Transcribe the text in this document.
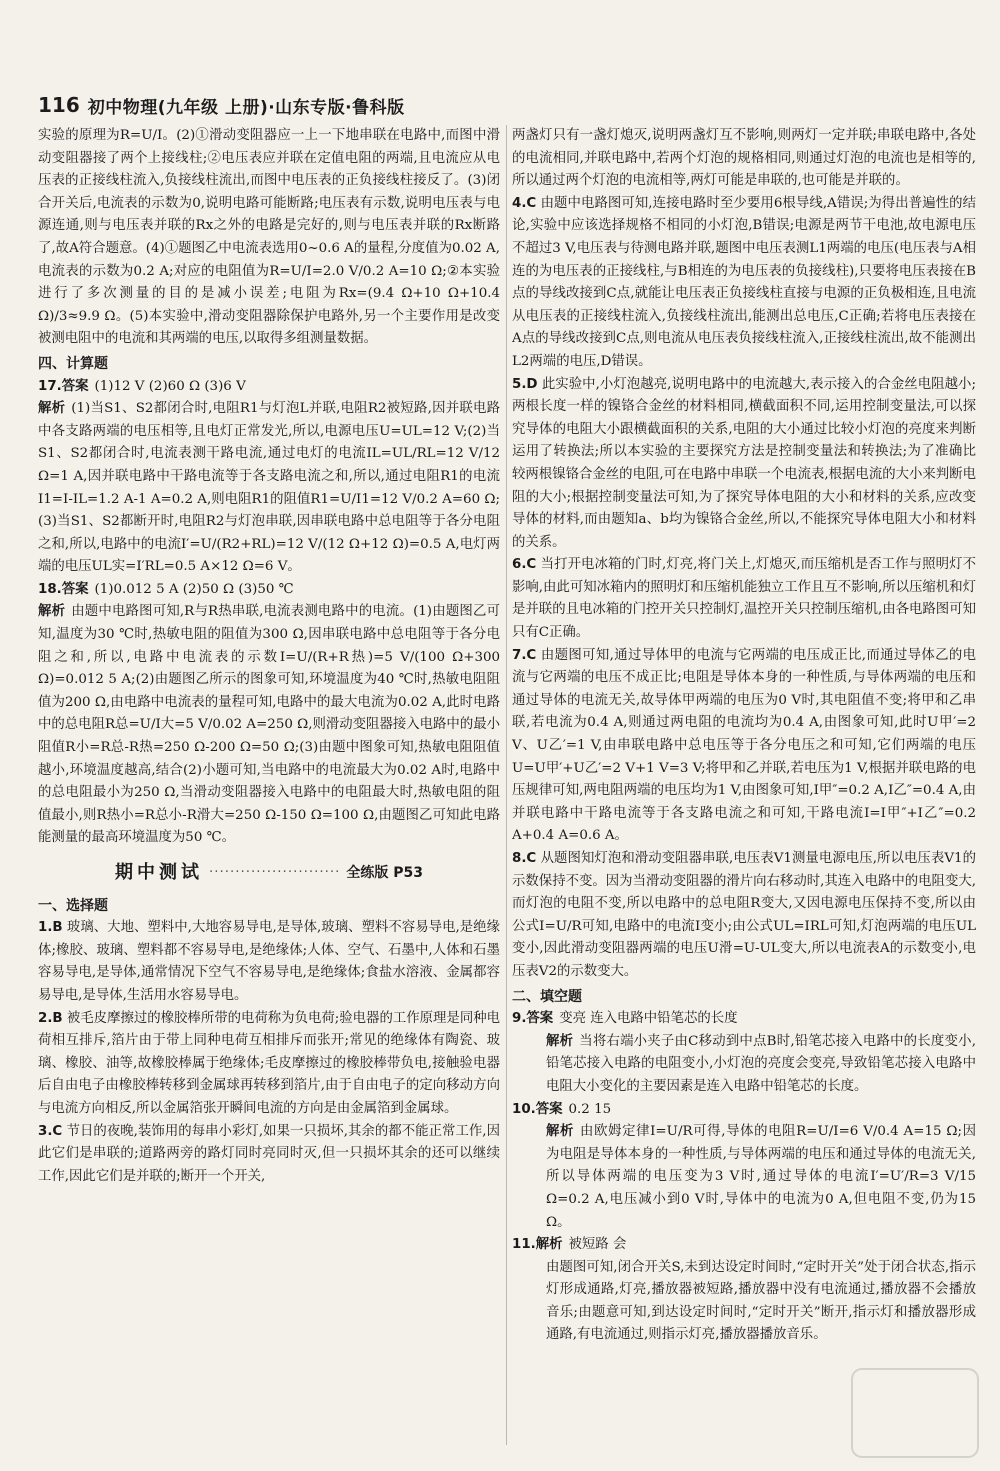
116 初中物理(九年级 上册)·山东专版·鲁科版

实验的原理为R=U/I。(2)①滑动变阻器应一上一下地串联在电路中,而图中滑动变阻器接了两个上接线柱;②电压表应并联在定值电阻的两端,且电流应从电压表的正接线柱流入,负接线柱流出,而图中电压表的正负接线柱接反了。(3)闭合开关后,电流表的示数为0,说明电路可能断路;电压表有示数,说明电压表与电源连通,则与电压表并联的Rx之外的电路是完好的,则与电压表并联的Rx断路了,故A符合题意。(4)①题图乙中电流表选用0~0.6 A的量程,分度值为0.02 A,电流表的示数为0.2 A;对应的电阻值为R=U/I=2.0 V/0.2 A=10 Ω;②本实验进行了多次测量的目的是减小误差;电阻为Rx=(9.4 Ω+10 Ω+10.4 Ω)/3≈9.9 Ω。(5)本实验中,滑动变阻器除保护电路外,另一个主要作用是改变被测电阻中的电流和其两端的电压,以取得多组测量数据。

四、计算题

17.答案 (1)12 V (2)60 Ω (3)6 V

解析 (1)当S1、S2都闭合时,电阻R1与灯泡L并联,电阻R2被短路,因并联电路中各支路两端的电压相等,且电灯正常发光,所以,电源电压U=UL=12 V;(2)当S1、S2都闭合时,电流表测干路电流,通过电灯的电流IL=UL/RL=12 V/12 Ω=1 A,因并联电路中干路电流等于各支路电流之和,所以,通过电阻R1的电流I1=I-IL=1.2 A-1 A=0.2 A,则电阻R1的阻值R1=U/I1=12 V/0.2 A=60 Ω;(3)当S1、S2都断开时,电阻R2与灯泡串联,因串联电路中总电阻等于各分电阻之和,所以,电路中的电流I′=U/(R2+RL)=12 V/(12 Ω+12 Ω)=0.5 A,电灯两端的电压UL实=I′RL=0.5 A×12 Ω=6 V。

18.答案 (1)0.012 5 A (2)50 Ω (3)50 ℃

解析 由题中电路图可知,R与R热串联,电流表测电路中的电流。(1)由题图乙可知,温度为30 ℃时,热敏电阻的阻值为300 Ω,因串联电路中总电阻等于各分电阻之和,所以,电路中电流表的示数I=U/(R+R热)=5 V/(100 Ω+300 Ω)=0.012 5 A;(2)由题图乙所示的图象可知,环境温度为40 ℃时,热敏电阻阻值为200 Ω,由电路中电流表的量程可知,电路中的最大电流为0.02 A,此时电路中的总电阻R总=U/I大=5 V/0.02 A=250 Ω,则滑动变阻器接入电路中的最小阻值R小=R总-R热=250 Ω-200 Ω=50 Ω;(3)由题中图象可知,热敏电阻阻值越小,环境温度越高,结合(2)小题可知,当电路中的电流最大为0.02 A时,电路中的总电阻最小为250 Ω,当滑动变阻器接入电路中的电阻最大时,热敏电阻的阻值最小,则R热小=R总小-R滑大=250 Ω-150 Ω=100 Ω,由题图乙可知此电路能测量的最高环境温度为50 ℃。

期中测试 ························· 全练版 P53

一、选择题

1.B 玻璃、大地、塑料中,大地容易导电,是导体,玻璃、塑料不容易导电,是绝缘体;橡胶、玻璃、塑料都不容易导电,是绝缘体;人体、空气、石墨中,人体和石墨容易导电,是导体,通常情况下空气不容易导电,是绝缘体;食盐水溶液、金属都容易导电,是导体,生活用水容易导电。

2.B 被毛皮摩擦过的橡胶棒所带的电荷称为负电荷;验电器的工作原理是同种电荷相互排斥,箔片由于带上同种电荷互相排斥而张开;常见的绝缘体有陶瓷、玻璃、橡胶、油等,故橡胶棒属于绝缘体;毛皮摩擦过的橡胶棒带负电,接触验电器后自由电子由橡胶棒转移到金属球再转移到箔片,由于自由电子的定向移动方向与电流方向相反,所以金属箔张开瞬间电流的方向是由金属箔到金属球。

3.C 节日的夜晚,装饰用的每串小彩灯,如果一只损坏,其余的都不能正常工作,因此它们是串联的;道路两旁的路灯同时亮同时灭,但一只损坏其余的还可以继续工作,因此它们是并联的;断开一个开关,

两盏灯只有一盏灯熄灭,说明两盏灯互不影响,则两灯一定并联;串联电路中,各处的电流相同,并联电路中,若两个灯泡的规格相同,则通过灯泡的电流也是相等的,所以通过两个灯泡的电流相等,两灯可能是串联的,也可能是并联的。

4.C 由题中电路图可知,连接电路时至少要用6根导线,A错误;为得出普遍性的结论,实验中应该选择规格不相同的小灯泡,B错误;电源是两节干电池,故电源电压不超过3 V,电压表与待测电路并联,题图中电压表测L1两端的电压(电压表与A相连的为电压表的正接线柱,与B相连的为电压表的负接线柱),只要将电压表接在B点的导线改接到C点,就能让电压表正负接线柱直接与电源的正负极相连,且电流从电压表的正接线柱流入,负接线柱流出,能测出总电压,C正确;若将电压表接在A点的导线改接到C点,则电流从电压表负接线柱流入,正接线柱流出,故不能测出L2两端的电压,D错误。

5.D 此实验中,小灯泡越亮,说明电路中的电流越大,表示接入的合金丝电阻越小;两根长度一样的镍铬合金丝的材料相同,横截面积不同,运用控制变量法,可以探究导体的电阻大小跟横截面积的关系,电阻的大小通过比较小灯泡的亮度来判断运用了转换法;所以本实验的主要探究方法是控制变量法和转换法;为了准确比较两根镍铬合金丝的电阻,可在电路中串联一个电流表,根据电流的大小来判断电阻的大小;根据控制变量法可知,为了探究导体电阻的大小和材料的关系,应改变导体的材料,而由题知a、b均为镍铬合金丝,所以,不能探究导体电阻大小和材料的关系。

6.C 当打开电冰箱的门时,灯亮,将门关上,灯熄灭,而压缩机是否工作与照明灯不影响,由此可知冰箱内的照明灯和压缩机能独立工作且互不影响,所以压缩机和灯是并联的且电冰箱的门控开关只控制灯,温控开关只控制压缩机,由各电路图可知只有C正确。

7.C 由题图可知,通过导体甲的电流与它两端的电压成正比,而通过导体乙的电流与它两端的电压不成正比;电阻是导体本身的一种性质,与导体两端的电压和通过导体的电流无关,故导体甲两端的电压为0 V时,其电阻值不变;将甲和乙串联,若电流为0.4 A,则通过两电阻的电流均为0.4 A,由图象可知,此时U甲′=2 V、U乙′=1 V,由串联电路中总电压等于各分电压之和可知,它们两端的电压U=U甲′+U乙′=2 V+1 V=3 V;将甲和乙并联,若电压为1 V,根据并联电路的电压规律可知,两电阻两端的电压均为1 V,由图象可知,I甲″=0.2 A,I乙″=0.4 A,由并联电路中干路电流等于各支路电流之和可知,干路电流I=I甲″+I乙″=0.2 A+0.4 A=0.6 A。

8.C 从题图知灯泡和滑动变阻器串联,电压表V1测量电源电压,所以电压表V1的示数保持不变。因为当滑动变阻器的滑片向右移动时,其连入电路中的电阻变大,而灯泡的电阻不变,所以电路中的总电阻R变大,又因电源电压保持不变,所以由公式I=U/R可知,电路中的电流I变小;由公式UL=IRL可知,灯泡两端的电压UL变小,因此滑动变阻器两端的电压U滑=U-UL变大,所以电流表A的示数变小,电压表V2的示数变大。

二、填空题

9.答案 变亮 连入电路中铅笔芯的长度

解析 当将右端小夹子由C移动到中点B时,铅笔芯接入电路中的长度变小,铅笔芯接入电路的电阻变小,小灯泡的亮度会变亮,导致铅笔芯接入电路中电阻大小变化的主要因素是连入电路中铅笔芯的长度。

10.答案 0.2 15

解析 由欧姆定律I=U/R可得,导体的电阻R=U/I=6 V/0.4 A=15 Ω;因为电阻是导体本身的一种性质,与导体两端的电压和通过导体的电流无关,所以导体两端的电压变为3 V时,通过导体的电流I′=U′/R=3 V/15 Ω=0.2 A,电压减小到0 V时,导体中的电流为0 A,但电阻不变,仍为15 Ω。

11.解析 被短路 会

由题图可知,闭合开关S,未到达设定时间时,“定时开关”处于闭合状态,指示灯形成通路,灯亮,播放器被短路,播放器中没有电流通过,播放器不会播放音乐;由题意可知,到达设定时间时,“定时开关”断开,指示灯和播放器形成通路,有电流通过,则指示灯亮,播放器播放音乐。
